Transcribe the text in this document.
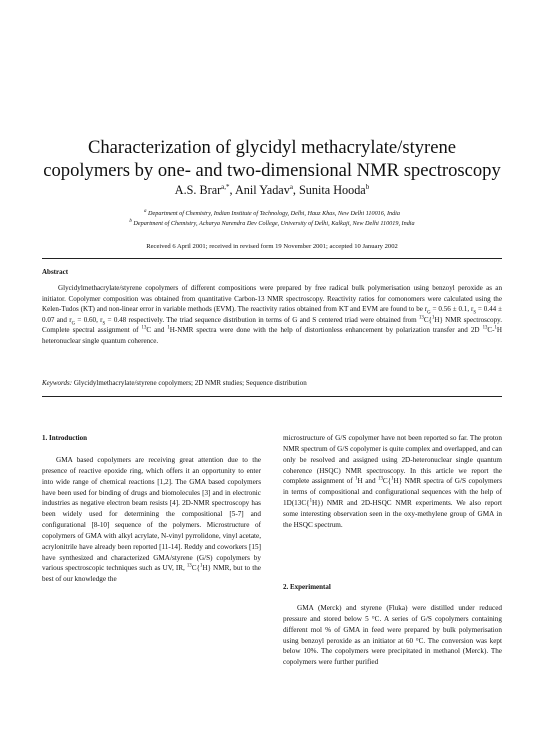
Characterization of glycidyl methacrylate/styrene
copolymers by one- and two-dimensional NMR spectroscopy
A.S. Brar$^{a,*}$, Anil Yadav$^a$, Sunita Hooda$^b$
$^a$ Department of Chemistry, Indian Institute of Technology, Delhi, Hauz Khas, New Delhi 110016, India
$^b$ Department of Chemistry, Acharya Narendra Dev College, University of Delhi, Kalkaji, New Delhi 110019, India
Received 6 April 2001; received in revised form 19 November 2001; accepted 10 January 2002
Abstract

Glycidylmethacrylate/styrene copolymers of different compositions were prepared by free radical bulk polymerisation using benzoyl peroxide as an initiator. Copolymer composition was obtained from quantitative Carbon-13 NMR spectroscopy. Reactivity ratios for comonomers were calculated using the Kelen-Tudos (KT) and non-linear error in variable methods (EVM). The reactivity ratios obtained from KT and EVM are found to be $r_G = 0.56 \pm 0.1$, $r_S = 0.44 \pm 0.07$ and $r_G = 0.60$, $r_S = 0.48$ respectively. The triad sequence distribution in terms of G and S centered triad were obtained from $^{13}$C{$^1$H} NMR spectroscopy. Complete spectral assignment of $^{13}$C and $^1$H-NMR spectra were done with the help of distortionless enhancement by polarization transfer and 2D $^{13}$C-$^1$H heteronuclear single quantum coherence.

Keywords: Glycidylmethacrylate/styrene copolymers; 2D NMR studies; Sequence distribution
1. Introduction

GMA based copolymers are receiving great attention due to the presence of reactive epoxide ring, which offers it an opportunity to enter into wide range of chemical reactions [1,2]. The GMA based copolymers have been used for binding of drugs and biomolecules [3] and in electronic industries as negative electron beam resists [4]. 2D-NMR spectroscopy has been widely used for determining the compositional [5-7] and configurational [8-10] sequence of the polymers. Microstructure of copolymers of GMA with alkyl acrylate, N-vinyl pyrrolidone, vinyl acetate, acrylonitrile have already been reported [11-14]. Reddy and coworkers [15] have synthesized and characterized GMA/styrene (G/S) copolymers by various spectroscopic techniques such as UV, IR, $^{13}$C{$^1$H} NMR, but to the best of our knowledge the

microstructure of G/S copolymer have not been reported so far. The proton NMR spectrum of G/S copolymer is quite complex and overlapped, and can only be resolved and assigned using 2D-heteronuclear single quantum coherence (HSQC) NMR spectroscopy. In this article we report the complete assignment of $^1$H and $^{13}$C{$^1$H} NMR spectra of G/S copolymers in terms of compositional and configurational sequences with the help of 1D(13C{$^1$H}) NMR and 2D-HSQC NMR experiments. We also report some interesting observation seen in the oxy-methylene group of GMA in the HSQC spectrum.

2. Experimental

GMA (Merck) and styrene (Fluka) were distilled under reduced pressure and stored below 5 °C. A series of G/S copolymers containing different mol % of GMA in feed were prepared by bulk polymerisation using benzoyl peroxide as an initiator at 60 °C. The conversion was kept below 10%. The copolymers were precipitated in methanol (Merck). The copolymers were further purified
